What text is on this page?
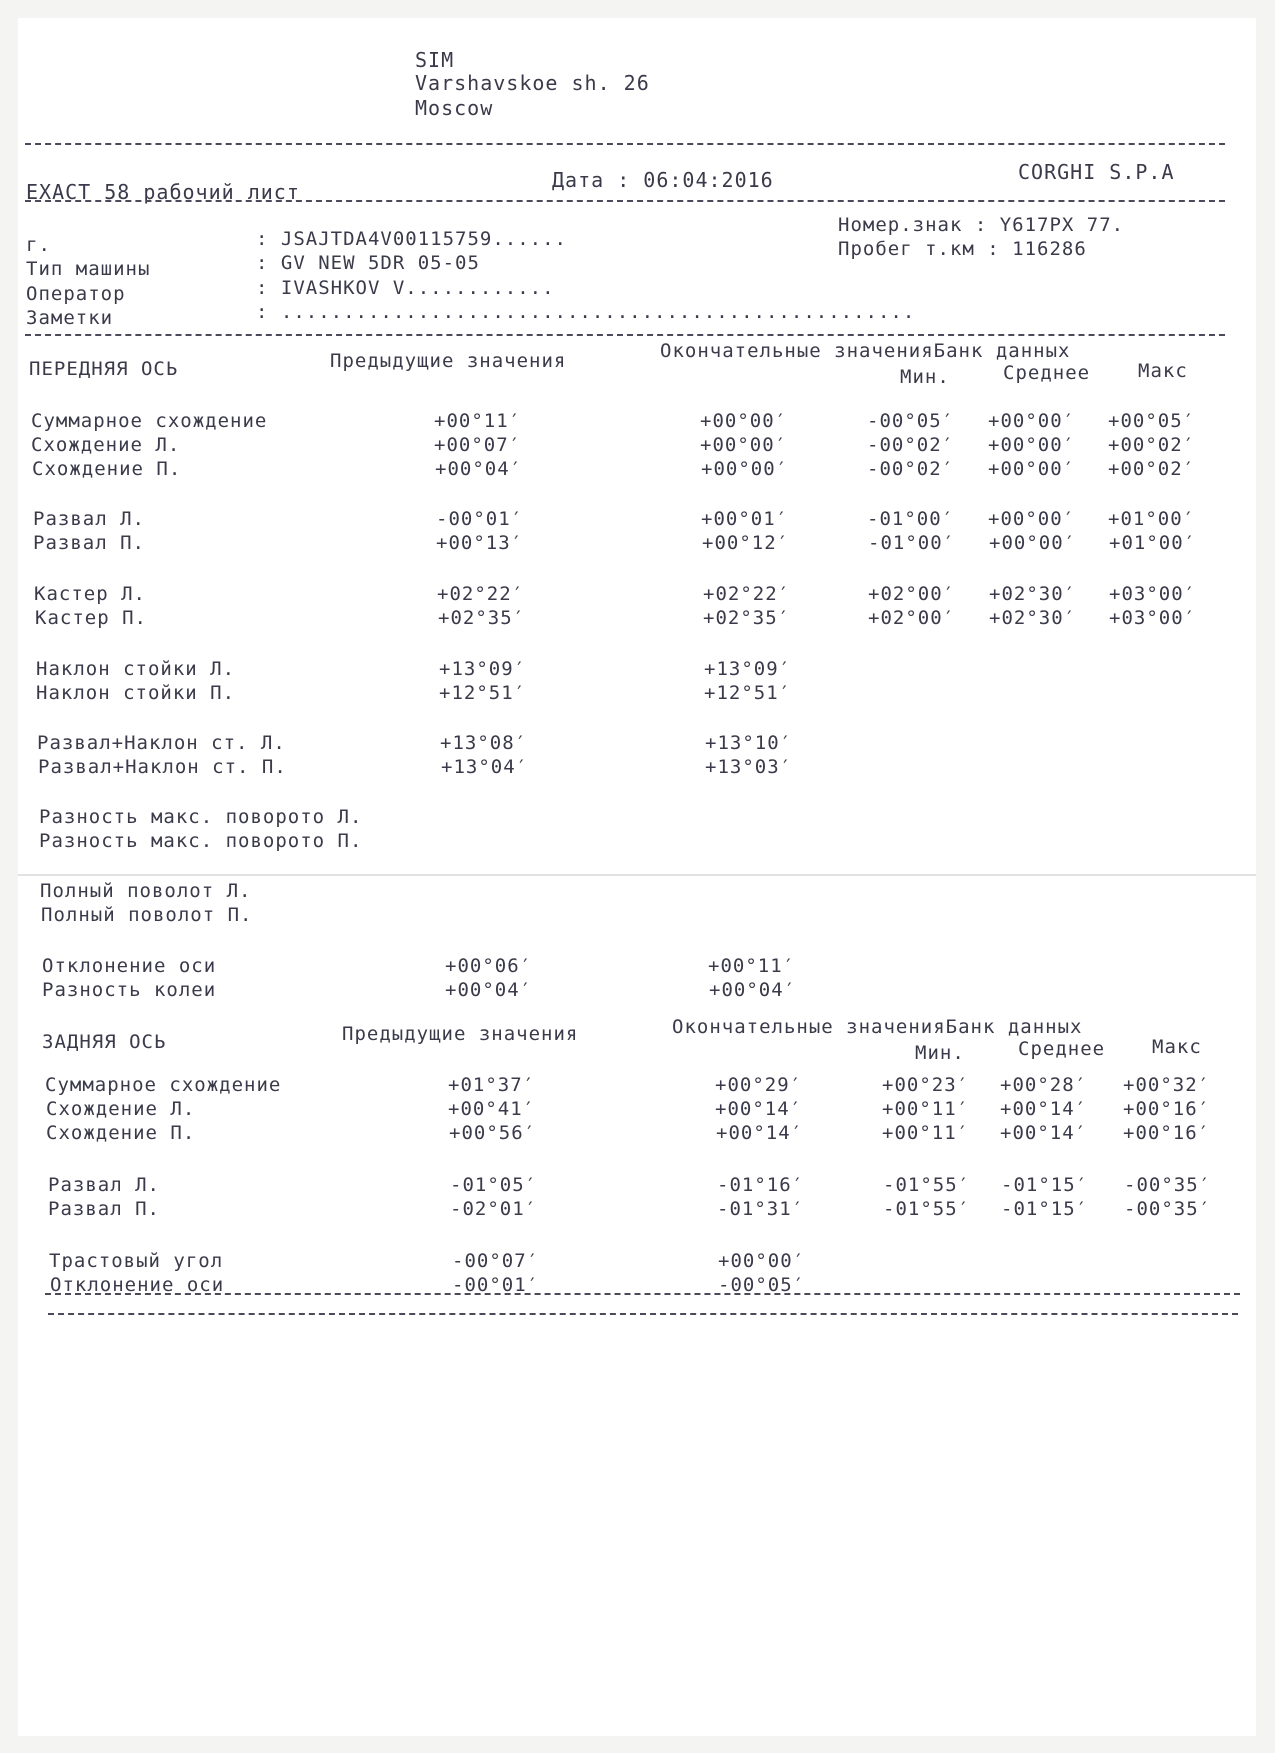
SIM
Varshavskoe sh. 26
Moscow
EXACT 58 рабочий лист	Дата : 06:04:2016	CORGHI S.P.A
г.	: JSAJTDA4V00115759......
Тип машины	: GV NEW 5DR 05-05
Оператор	: IVASHKOV V............
Заметки	: ...................................................
Номер.знак : Y617PX 77.
Пробег т.км : 116286
ПЕРЕДНЯЯ ОСЬ	Предыдущие значения	Окончательные значенияБанк данных
Мин.	Среднее	Макс
Суммарное схождение	+00°11′	+00°00′	-00°05′ +00°00′ +00°05′
Схождение Л.	+00°07′	+00°00′	-00°02′ +00°00′ +00°02′
Схождение П.	+00°04′	+00°00′	-00°02′ +00°00′ +00°02′
Развал Л.	-00°01′	+00°01′	-01°00′ +00°00′ +01°00′
Развал П.	+00°13′	+00°12′	-01°00′ +00°00′ +01°00′
Кастер Л.	+02°22′	+02°22′	+02°00′ +02°30′ +03°00′
Кастер П.	+02°35′	+02°35′	+02°00′ +02°30′ +03°00′
Наклон стойки Л.	+13°09′	+13°09′
Наклон стойки П.	+12°51′	+12°51′
Развал+Наклон ст. Л.	+13°08′	+13°10′
Развал+Наклон ст. П.	+13°04′	+13°03′
Разность макс. поворото Л.
Разность макс. поворото П.
Полный поволот Л.
Полный поволот П.
Отклонение оси	+00°06′	+00°11′
Разность колеи	+00°04′	+00°04′
ЗАДНЯЯ ОСЬ	Предыдущие значения	Окончательные значенияБанк данных
Мин.	Среднее Макс
Суммарное схождение	+01°37′	+00°29′	+00°23′ +00°28′ +00°32′
Схождение Л.	+00°41′	+00°14′	+00°11′ +00°14′ +00°16′
Схождение П.	+00°56′	+00°14′	+00°11′ +00°14′ +00°16′
Развал Л.	-01°05′	-01°16′	-01°55′ -01°15′ -00°35′
Развал П.	-02°01′	-01°31′	-01°55′ -01°15′ -00°35′
Трастовый угол	-00°07′	+00°00′
Отклонение оси	-00°01′	-00°05′
